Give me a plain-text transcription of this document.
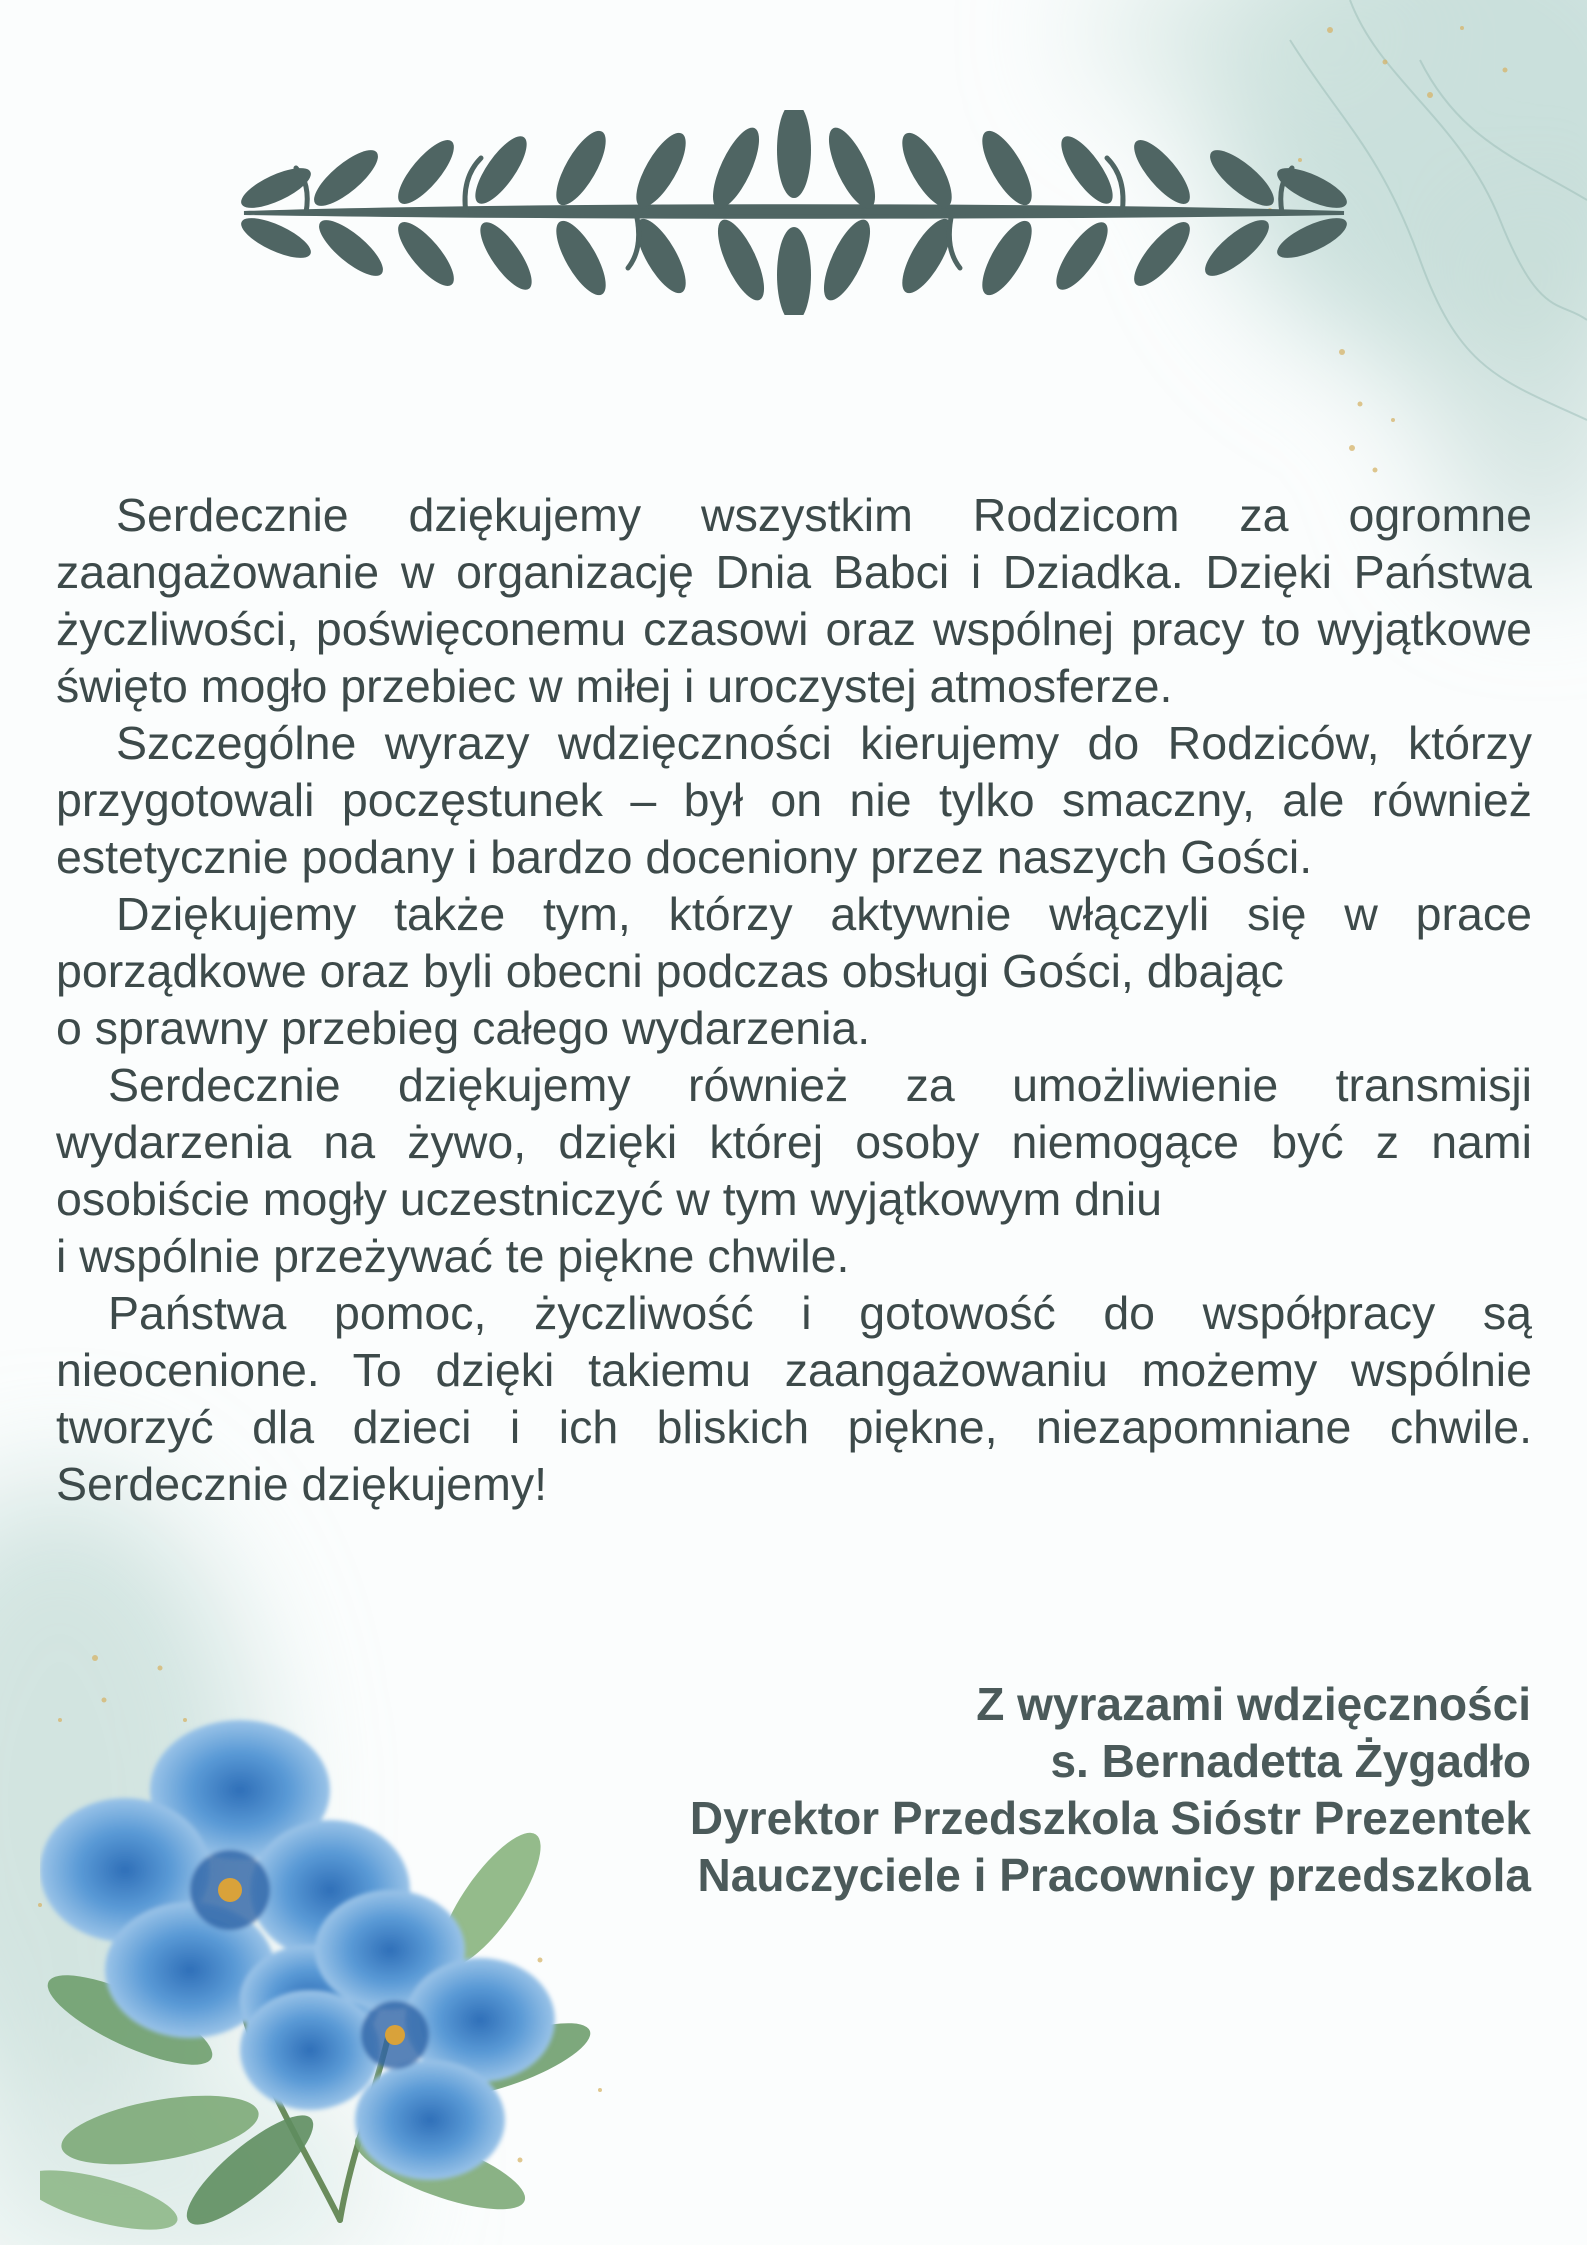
Serdecznie dziękujemy wszystkim Rodzicom za ogromne zaangażowanie w organizację Dnia Babci i Dziadka. Dzięki Państwa życzliwości, poświęconemu czasowi oraz wspólnej pracy to wyjątkowe święto mogło przebiec w miłej i uroczystej atmosferze.

Szczególne wyrazy wdzięczności kierujemy do Rodziców, którzy przygotowali poczęstunek – był on nie tylko smaczny, ale również estetycznie podany i bardzo doceniony przez naszych Gości.

Dziękujemy także tym, którzy aktywnie włączyli się w prace porządkowe oraz byli obecni podczas obsługi Gości, dbając
o sprawny przebieg całego wydarzenia.

Serdecznie dziękujemy również za umożliwienie transmisji wydarzenia na żywo, dzięki której osoby niemogące być z nami osobiście mogły uczestniczyć w tym wyjątkowym dniu
i wspólnie przeżywać te piękne chwile.

Państwa pomoc, życzliwość i gotowość do współpracy są nieocenione. To dzięki takiemu zaangażowaniu możemy wspólnie tworzyć dla dzieci i ich bliskich piękne, niezapomniane chwile. Serdecznie dziękujemy!

Z wyrazami wdzięczności
s. Bernadetta Żygadło
Dyrektor Przedszkola Sióstr Prezentek
Nauczyciele i Pracownicy przedszkola
